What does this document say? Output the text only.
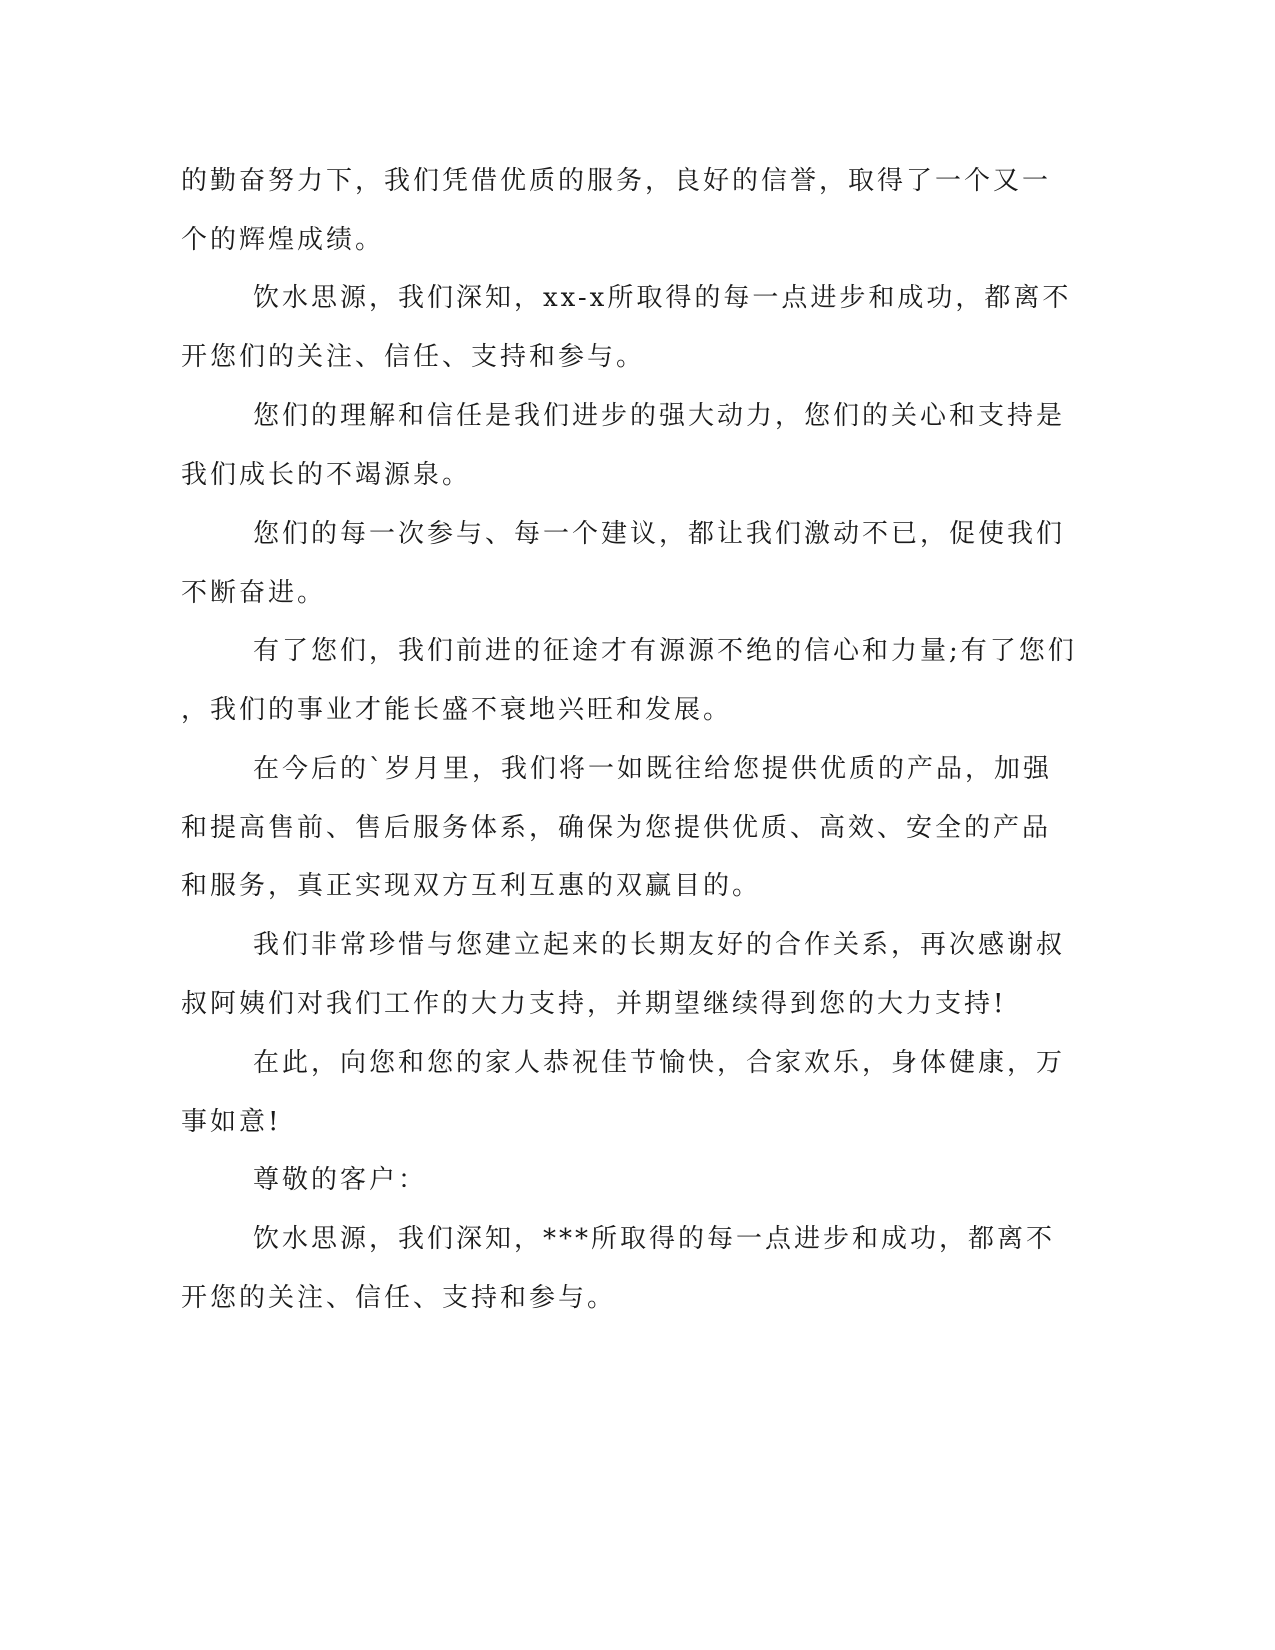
的勤奋努力下，我们凭借优质的服务，良好的信誉，取得了一个又一
个的辉煌成绩。
饮水思源，我们深知，xx-x所取得的每一点进步和成功，都离不
开您们的关注、信任、支持和参与。
您们的理解和信任是我们进步的强大动力，您们的关心和支持是
我们成长的不竭源泉。
您们的每一次参与、每一个建议，都让我们激动不已，促使我们
不断奋进。
有了您们，我们前进的征途才有源源不绝的信心和力量;有了您们
，我们的事业才能长盛不衰地兴旺和发展。
在今后的`岁月里，我们将一如既往给您提供优质的产品，加强
和提高售前、售后服务体系，确保为您提供优质、高效、安全的产品
和服务，真正实现双方互利互惠的双赢目的。
我们非常珍惜与您建立起来的长期友好的合作关系，再次感谢叔
叔阿姨们对我们工作的大力支持，并期望继续得到您的大力支持!
在此，向您和您的家人恭祝佳节愉快，合家欢乐，身体健康，万
事如意!
尊敬的客户：
饮水思源，我们深知，***所取得的每一点进步和成功，都离不
开您的关注、信任、支持和参与。
